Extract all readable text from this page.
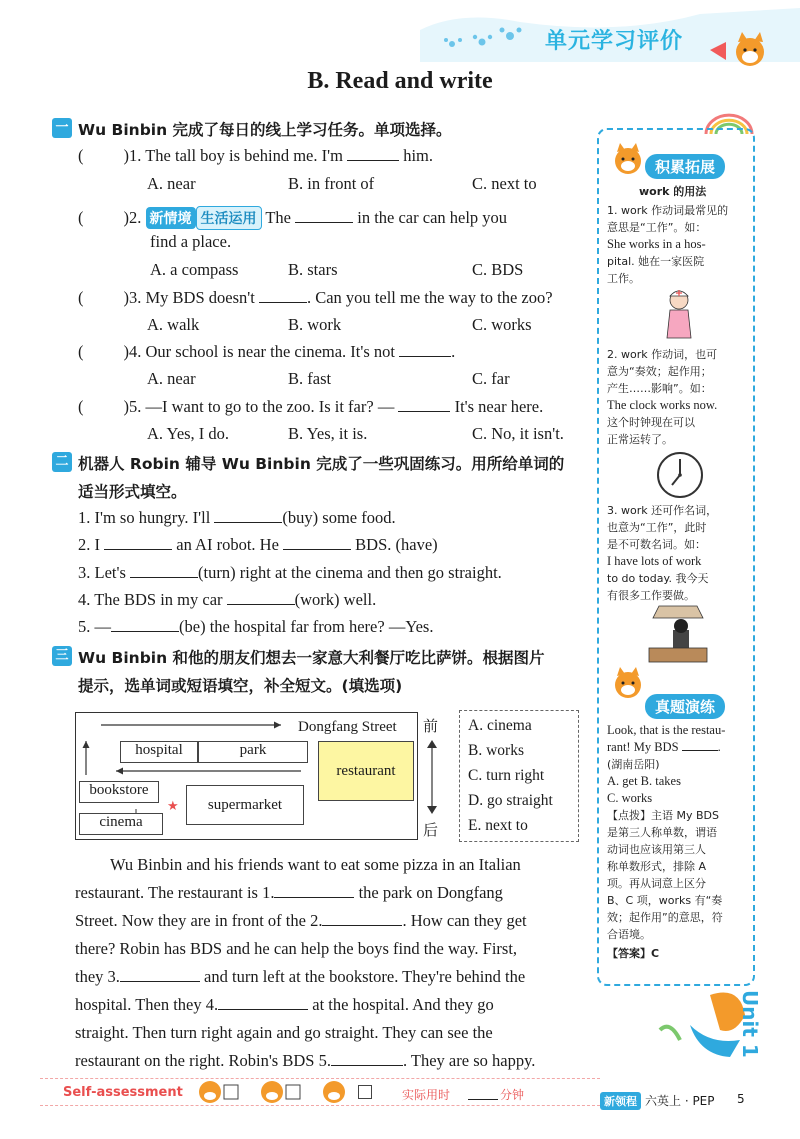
单元学习评价
B. Read and write
一 Wu Binbin 完成了每日的线上学习任务。单项选择。
( )1. The tall boy is behind me. I'm	him.
A. near	B. in front of	C. next to
( )2. 新情境 生活运用 The	in the car can help you
find a place.
A. a compass	B. stars	C. BDS
( )3. My BDS doesn't	. Can you tell me the way to the zoo?
A. walk	B. work	C. works
( )4. Our school is near the cinema. It's not	.
A. near	B. fast	C. far
( )5. —I want to go to the zoo. Is it far? —	It's near here.
A. Yes, I do.	B. Yes, it is.	C. No, it isn't.
二 机器人 Robin 辅导 Wu Binbin 完成了一些巩固练习。用所给单词的
适当形式填空。
1. I'm so hungry. I'll	(buy) some food.
2. I	an AI robot. He	BDS. (have)
3. Let's	(turn) right at the cinema and then go straight.
4. The BDS in my car	(work) well.
5. —	(be) the hospital far from here? —Yes.
三 Wu Binbin 和他的朋友们想去一家意大利餐厅吃比萨饼。根据图片
提示，选单词或短语填空，补全短文。(填选项)
hospital	park
restaurant
Dongfang Street
bookstore
supermarket
cinema
★
前
后
A. cinema
B. works
C. turn right
D. go straight
E. next to
Wu Binbin and his friends want to eat some pizza in an Italian
restaurant. The restaurant is 1.	the park on Dongfang
Street. Now they are in front of the 2.	. How can they get
there? Robin has BDS and he can help the boys find the way. First,
they 3.	and turn left at the bookstore. They're behind the
hospital. Then they 4.	at the hospital. And they go
straight. Then turn right again and go straight. They can see the
restaurant on the right. Robin's BDS 5.	. They are so happy.
积累拓展
work 的用法
1. work 作动词最常见的
意思是“工作”。如：
She works in a hos-
pital. 她在一家医院
工作。
2. work 作动词，也可
意为“奏效；起作用；
产生……影响”。如：
The clock works now.
这个时钟现在可以
正常运转了。
3. work 还可作名词，
也意为“工作”，此时
是不可数名词。如：
I have lots of work
to do today. 我今天
有很多工作要做。
真题演练
Look, that is the restau-
rant! My BDS	.
(湖南岳阳)
A. get B. takes
C. works
【点拨】主语 My BDS
是第三人称单数，谓语
动词也应该用第三人
称单数形式，排除 A
项。再从词意上区分
B、C 项，works 有“奏
效；起作用”的意思，符
合语境。
【答案】C
Unit 1
Self-assessment	实际用时	分钟	新领程 六英上 · PEP 5
